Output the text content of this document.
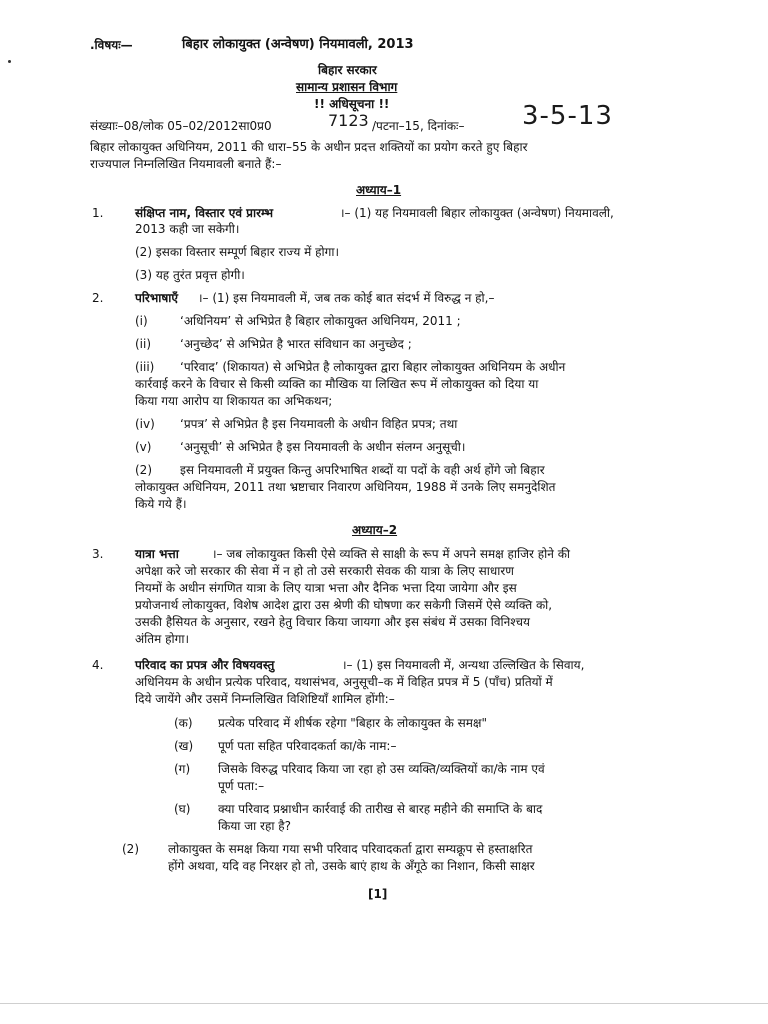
.विषयः—	बिहार लोकायुक्त (अन्वेषण) नियमावली, 2013
बिहार सरकार
सामान्य प्रशासन विभाग
!! अधिसूचना !!
संख्याः–08/लोक 05–02/2012सा0प्र0	7123 /पटना–15, दिनांकः– 3-5-13
बिहार लोकायुक्त अधिनियम, 2011 की धारा–55 के अधीन प्रदत्त शक्तियों का प्रयोग करते हुए बिहार
राज्यपाल निम्नलिखित नियमावली बनाते हैं:–
अध्याय–1
1.	संक्षिप्त नाम, विस्तार एवं प्रारम्भ	।– (1) यह नियमावली बिहार लोकायुक्त (अन्वेषण) नियमावली,
2013 कही जा सकेगी।
(2) इसका विस्तार सम्पूर्ण बिहार राज्य में होगा।
(3) यह तुरंत प्रवृत्त होगी।
2.	परिभाषाएँ ।– (1) इस नियमावली में, जब तक कोई बात संदर्भ में विरुद्ध न हो,–
(i)	‘अधिनियम’ से अभिप्रेत है बिहार लोकायुक्त अधिनियम, 2011 ;
(ii) ‘अनुच्छेद’ से अभिप्रेत है भारत संविधान का अनुच्छेद ;
(iii) ‘परिवाद’ (शिकायत) से अभिप्रेत है लोकायुक्त द्वारा बिहार लोकायुक्त अधिनियम के अधीन
कार्रवाई करने के विचार से किसी व्यक्ति का मौखिक या लिखित रूप में लोकायुक्त को दिया या
किया गया आरोप या शिकायत का अभिकथन;
(iv) ‘प्रपत्र’ से अभिप्रेत है इस नियमावली के अधीन विहित प्रपत्र; तथा
(v) ‘अनुसूची’ से अभिप्रेत है इस नियमावली के अधीन संलग्न अनुसूची।
(2) इस नियमावली में प्रयुक्त किन्तु अपरिभाषित शब्दों या पदों के वही अर्थ होंगे जो बिहार
लोकायुक्त अधिनियम, 2011 तथा भ्रष्टाचार निवारण अधिनियम, 1988 में उनके लिए समनुदेशित
किये गये हैं।
अध्याय–2
3.	यात्रा भत्ता	।– जब लोकायुक्त किसी ऐसे व्यक्ति से साक्षी के रूप में अपने समक्ष हाजिर होने की
अपेक्षा करे जो सरकार की सेवा में न हो तो उसे सरकारी सेवक की यात्रा के लिए साधारण
नियमों के अधीन संगणित यात्रा के लिए यात्रा भत्ता और दैनिक भत्ता दिया जायेगा और इस
प्रयोजनार्थ लोकायुक्त, विशेष आदेश द्वारा उस श्रेणी की घोषणा कर सकेगी जिसमें ऐसे व्यक्ति को,
उसकी हैसियत के अनुसार, रखने हेतु विचार किया जायगा और इस संबंध में उसका विनिश्चय
अंतिम होगा।
4.	परिवाद का प्रपत्र और विषयवस्तु	।– (1) इस नियमावली में, अन्यथा उल्लिखित के सिवाय,
अधिनियम के अधीन प्रत्येक परिवाद, यथासंभव, अनुसूची–क में विहित प्रपत्र में 5 (पाँच) प्रतियों में
दिये जायेंगे और उसमें निम्नलिखित विशिष्टियाँ शामिल होंगी:–
(क) प्रत्येक परिवाद में शीर्षक रहेगा "बिहार के लोकायुक्त के समक्ष"
(ख) पूर्ण पता सहित परिवादकर्ता का/के नाम:–
(ग) जिसके विरुद्ध परिवाद किया जा रहा हो उस व्यक्ति/व्यक्तियों का/के नाम एवं
पूर्ण पता:–
(घ) क्या परिवाद प्रश्नाधीन कार्रवाई की तारीख से बारह महीने की समाप्ति के बाद
किया जा रहा है?
(2) लोकायुक्त के समक्ष किया गया सभी परिवाद परिवादकर्ता द्वारा सम्यक्रूप से हस्ताक्षरित
होंगे अथवा, यदि वह निरक्षर हो तो, उसके बाएं हाथ के अँगूठे का निशान, किसी साक्षर
[1]
